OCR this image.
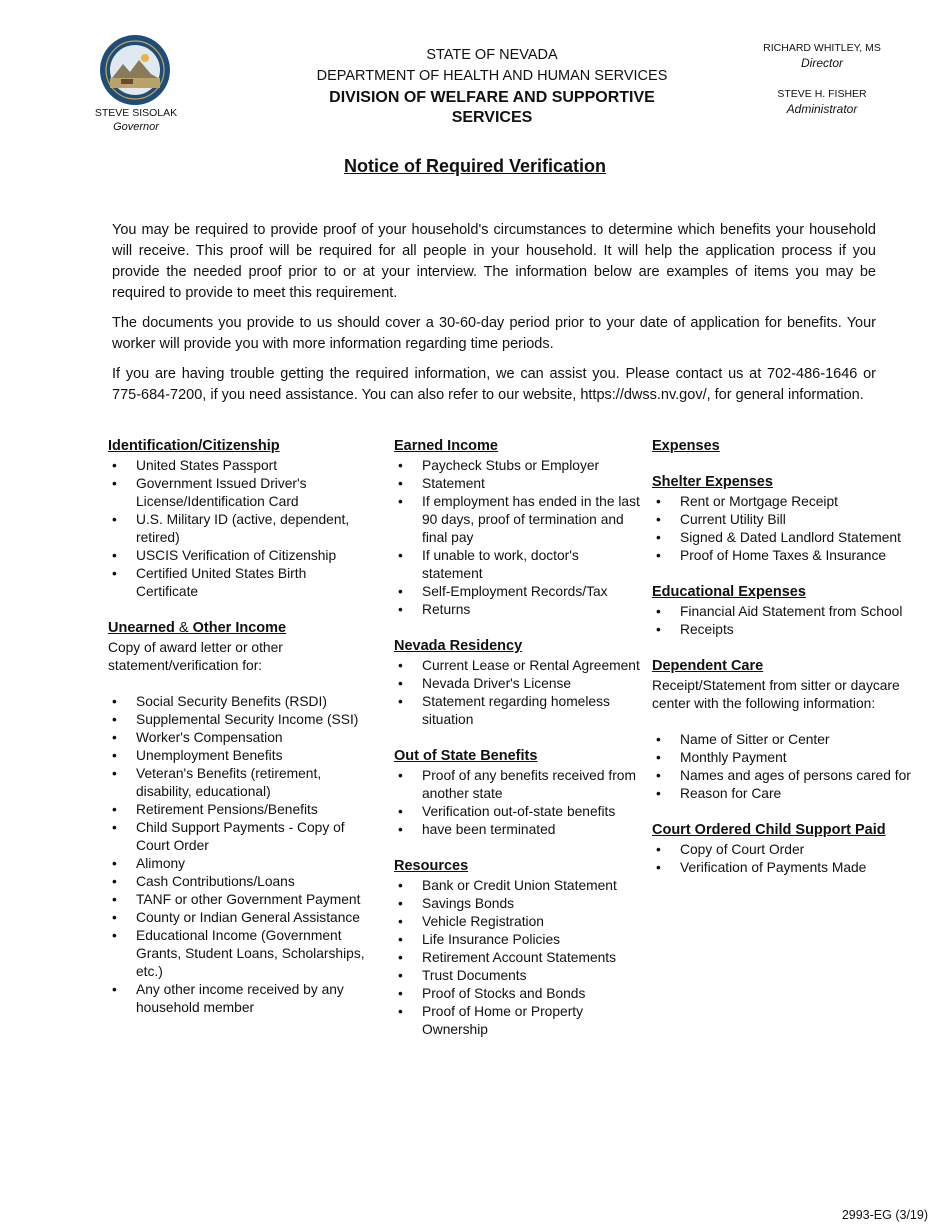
STEVE SISOLAK
Governor
STATE OF NEVADA
DEPARTMENT OF HEALTH AND HUMAN SERVICES
DIVISION OF WELFARE AND SUPPORTIVE SERVICES
RICHARD WHITLEY, MS
Director
STEVE H. FISHER
Administrator
Notice of Required Verification

You may be required to provide proof of your household's circumstances to determine which benefits your household will receive. This proof will be required for all people in your household. It will help the application process if you provide the needed proof prior to or at your interview. The information below are examples of items you may be required to provide to meet this requirement.

The documents you provide to us should cover a 30-60-day period prior to your date of application for benefits. Your worker will provide you with more information regarding time periods.

If you are having trouble getting the required information, we can assist you. Please contact us at 702-486-1646 or 775-684-7200, if you need assistance. You can also refer to our website, https://dwss.nv.gov/, for general information.

Identification/Citizenship
• United States Passport
• Government Issued Driver's License/Identification Card
• U.S. Military ID (active, dependent, retired)
• USCIS Verification of Citizenship
• Certified United States Birth Certificate
Unearned & Other Income

Copy of award letter or other statement/verification for:

• Social Security Benefits (RSDI)
• Supplemental Security Income (SSI)
• Worker's Compensation
• Unemployment Benefits
• Veteran's Benefits (retirement, disability, educational)
• Retirement Pensions/Benefits
• Child Support Payments - Copy of Court Order
• Alimony
• Cash Contributions/Loans
• TANF or other Government Payment
• County or Indian General Assistance
• Educational Income (Government Grants, Student Loans, Scholarships, etc.)
• Any other income received by any household member
Earned Income
• Paycheck Stubs or Employer
• Statement
• If employment has ended in the last 90 days, proof of termination and final pay
• If unable to work, doctor's statement
• Self-Employment Records/Tax
• Returns
Nevada Residency
• Current Lease or Rental Agreement
• Nevada Driver's License
• Statement regarding homeless situation
Out of State Benefits
• Proof of any benefits received from another state
• Verification out-of-state benefits
• have been terminated
Resources
• Bank or Credit Union Statement
• Savings Bonds
• Vehicle Registration
• Life Insurance Policies
• Retirement Account Statements
• Trust Documents
• Proof of Stocks and Bonds
• Proof of Home or Property Ownership
Expenses
Shelter Expenses
• Rent or Mortgage Receipt
• Current Utility Bill
• Signed & Dated Landlord Statement
• Proof of Home Taxes & Insurance
Educational Expenses
• Financial Aid Statement from School
• Receipts
Dependent Care

Receipt/Statement from sitter or daycare center with the following information:

• Name of Sitter or Center
• Monthly Payment
• Names and ages of persons cared for
• Reason for Care
Court Ordered Child Support Paid
• Copy of Court Order
• Verification of Payments Made
2993-EG (3/19)
